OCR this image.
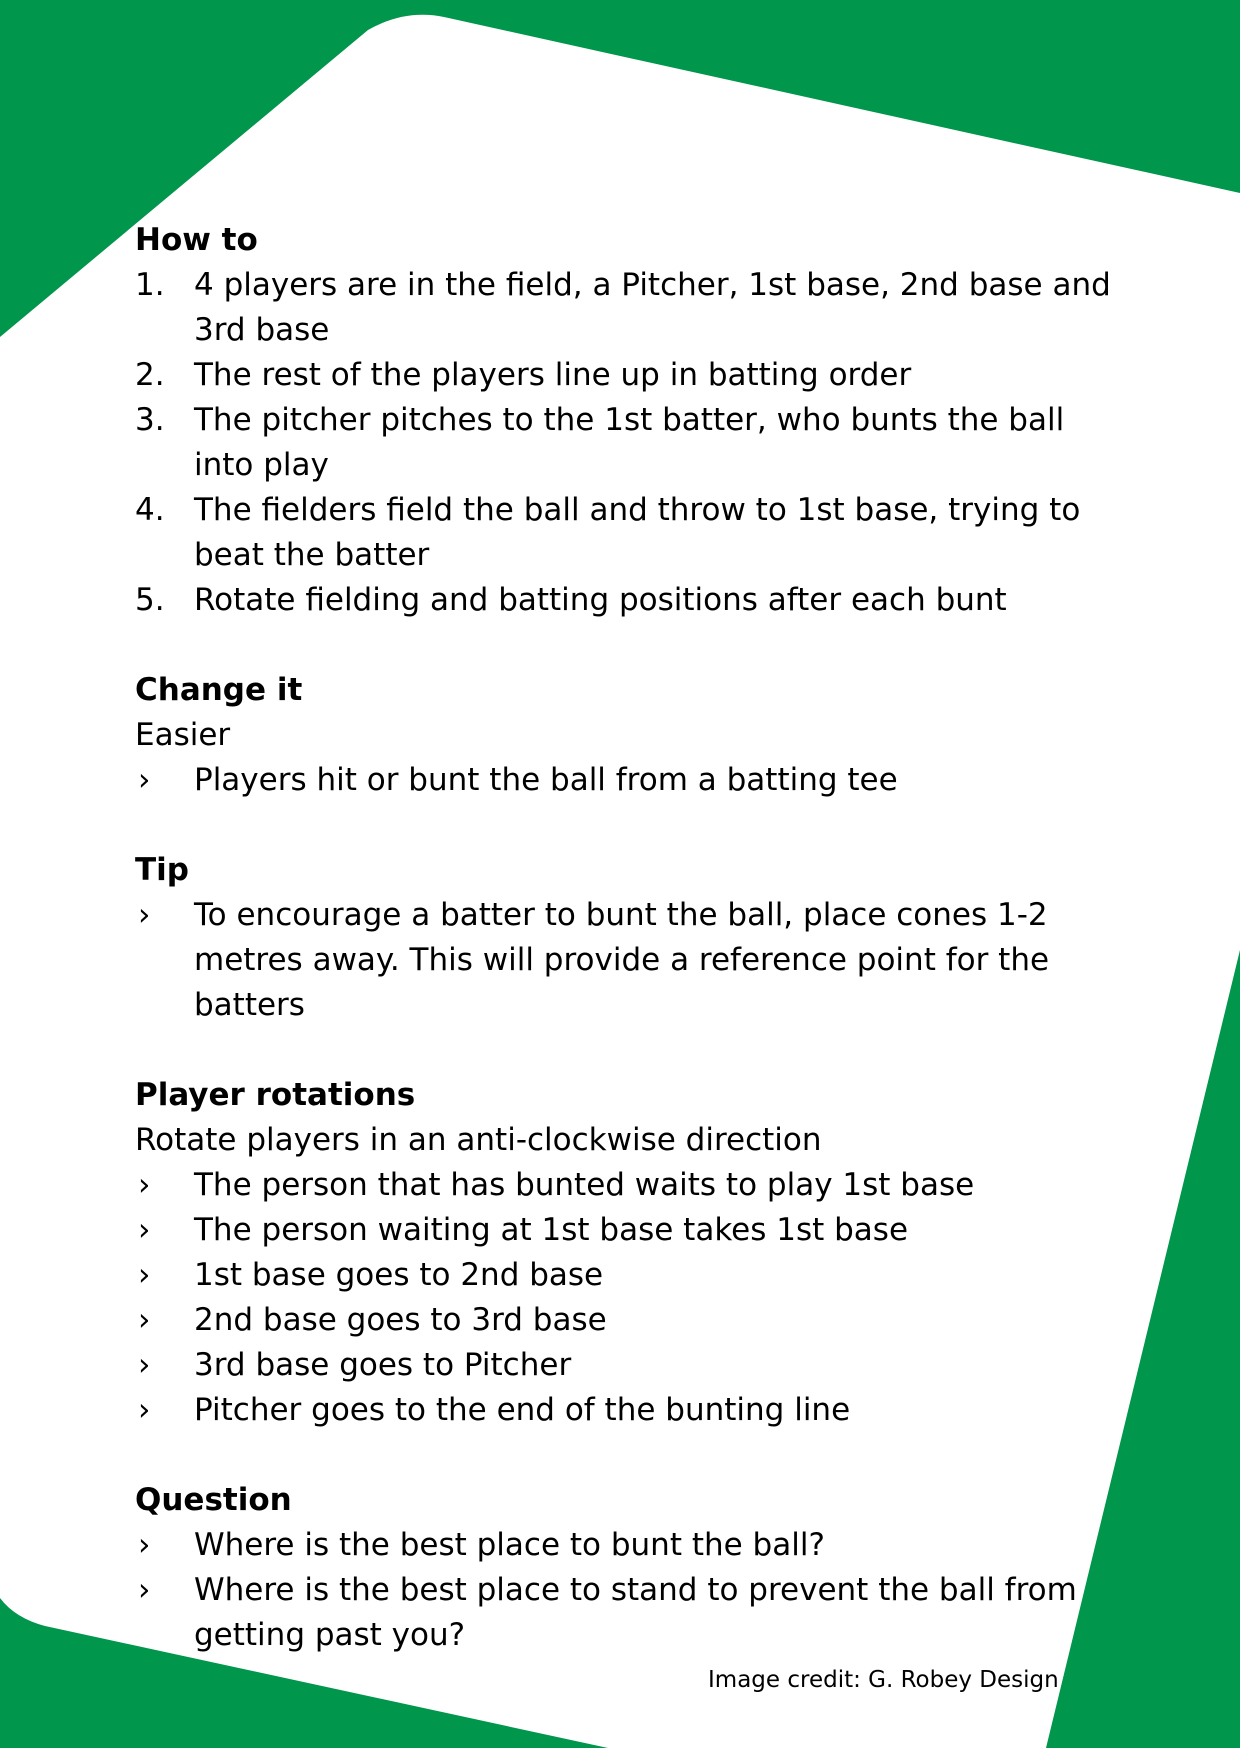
How to
1. 4 players are in the field, a Pitcher, 1st base, 2nd base and 3rd base
2. The rest of the players line up in batting order
3. The pitcher pitches to the 1st batter, who bunts the ball into play
4. The fielders field the ball and throw to 1st base, trying to beat the batter
5. Rotate fielding and batting positions after each bunt
Change it
Easier
› Players hit or bunt the ball from a batting tee
Tip
› To encourage a batter to bunt the ball, place cones 1-2 metres away. This will provide a reference point for the batters
Player rotations
Rotate players in an anti-clockwise direction
› The person that has bunted waits to play 1st base
› The person waiting at 1st base takes 1st base
› 1st base goes to 2nd base
› 2nd base goes to 3rd base
› 3rd base goes to Pitcher
› Pitcher goes to the end of the bunting line
Question
› Where is the best place to bunt the ball?
› Where is the best place to stand to prevent the ball from getting past you?
Image credit: G. Robey Design
